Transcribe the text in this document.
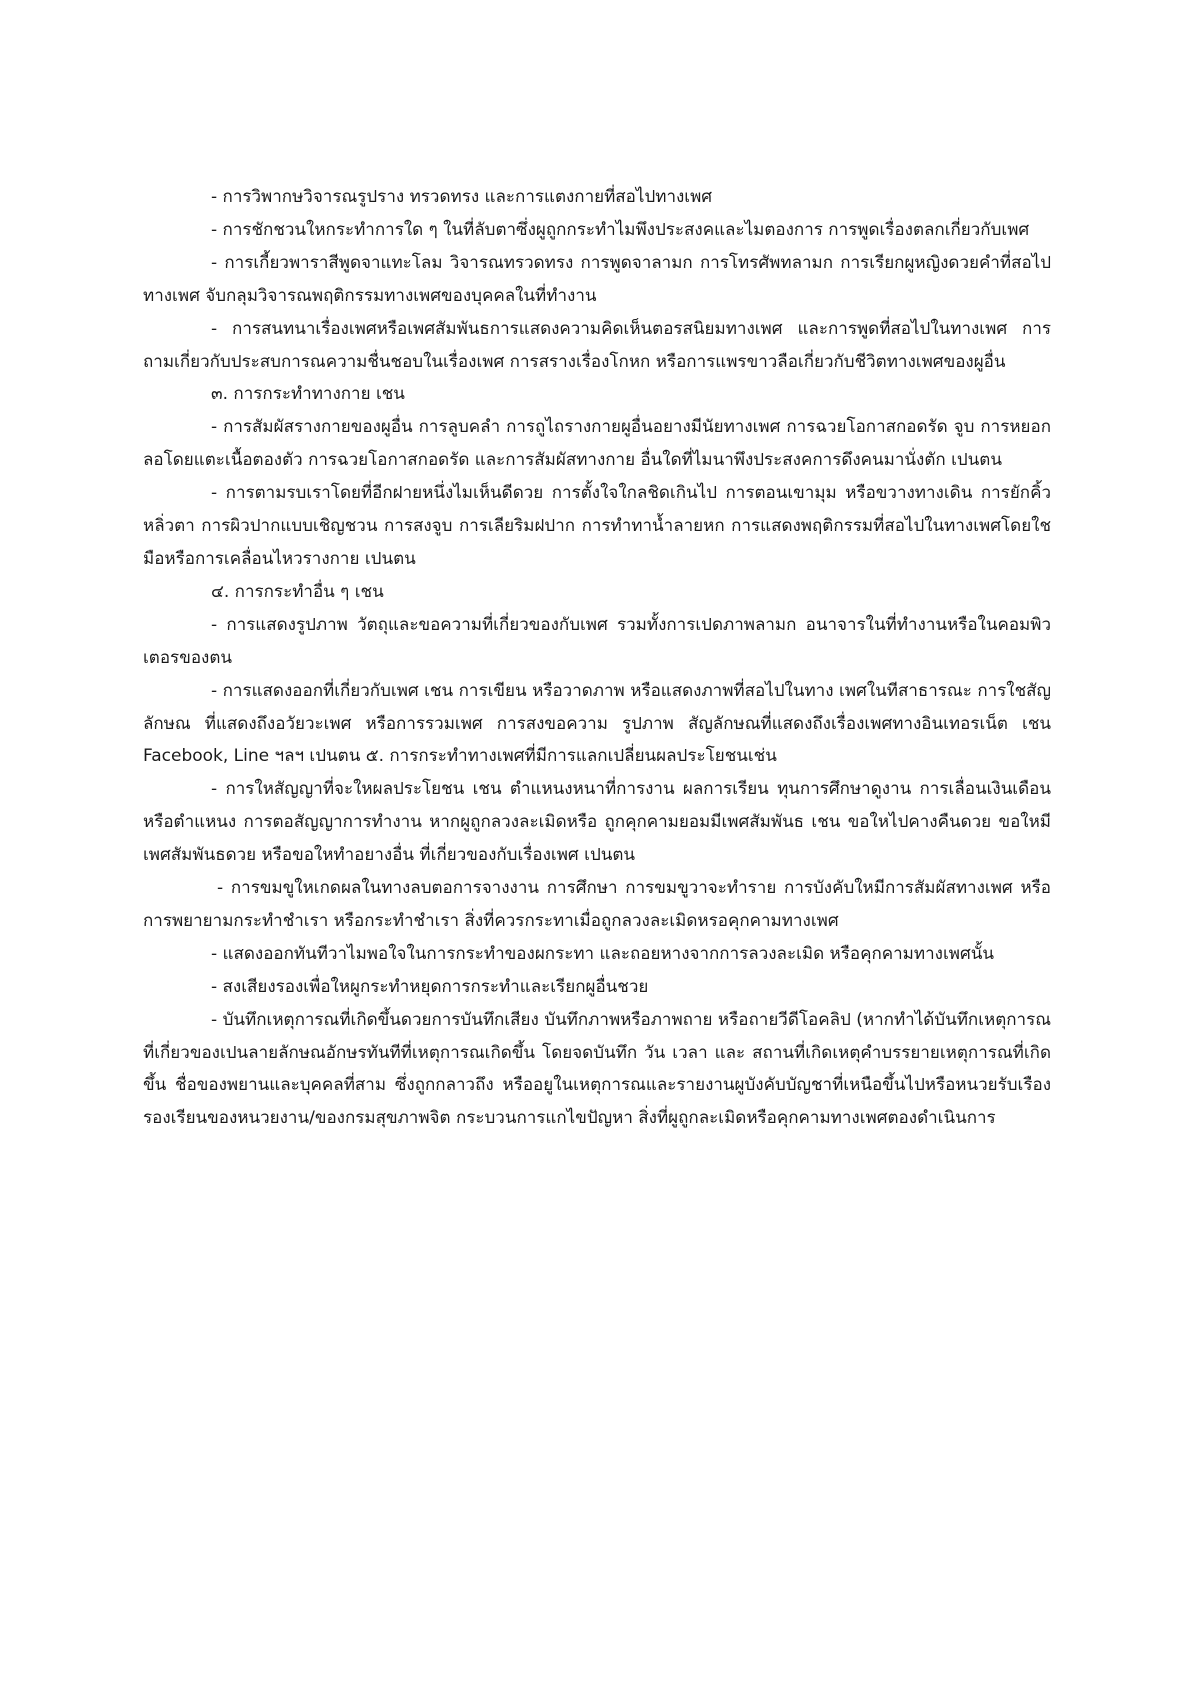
- การวิพากษวิจารณรูปราง ทรวดทรง และการแตงกายที่สอไปทางเพศ

- การชักชวนใหกระทำการใด ๆ ในที่ลับตาซึ่งผูถูกกระทำไมพึงประสงคและไมตองการ การพูดเรื่องตลกเกี่ยวกับเพศ

- การเกี้ยวพาราสีพูดจาแทะโลม วิจารณทรวดทรง การพูดจาลามก การโทรศัพทลามก การเรียกผูหญิงดวยคำที่สอไปทางเพศ จับกลุมวิจารณพฤติกรรมทางเพศของบุคคลในที่ทำงาน

- การสนทนาเรื่องเพศหรือเพศสัมพันธการแสดงความคิดเห็นตอรสนิยมทางเพศ และการพูดที่สอไปในทางเพศ การถามเกี่ยวกับประสบการณความชื่นชอบในเรื่องเพศ การสรางเรื่องโกหก หรือการแพรขาวลือเกี่ยวกับชีวิตทางเพศของผูอื่น

๓. การกระทำทางกาย เชน

- การสัมผัสรางกายของผูอื่น การลูบคลำ การถูไถรางกายผูอื่นอยางมีนัยทางเพศ การฉวยโอกาสกอดรัด จูบ การหยอกลอโดยแตะเนื้อตองตัว การฉวยโอกาสกอดรัด และการสัมผัสทางกาย อื่นใดที่ไมนาพึงประสงคการดึงคนมานั่งตัก เปนตน

- การตามรบเราโดยที่อีกฝายหนึ่งไมเห็นดีดวย การตั้งใจใกลชิดเกินไป การตอนเขามุม หรือขวางทางเดิน การยักคิ้วหลิ่วตา การผิวปากแบบเชิญชวน การสงจูบ การเลียริมฝปาก การทำทาน้ำลายหก การแสดงพฤติกรรมที่สอไปในทางเพศโดยใชมือหรือการเคลื่อนไหวรางกาย เปนตน

๔. การกระทำอื่น ๆ เชน

- การแสดงรูปภาพ วัตถุและขอความที่เกี่ยวของกับเพศ รวมทั้งการเปดภาพลามก อนาจารในที่ทำงานหรือในคอมพิวเตอรของตน

- การแสดงออกที่เกี่ยวกับเพศ เชน การเขียน หรือวาดภาพ หรือแสดงภาพที่สอไปในทาง เพศในทีสาธารณะ การใชสัญลักษณ ที่แสดงถึงอวัยวะเพศ หรือการรวมเพศ การสงขอความ รูปภาพ สัญลักษณที่แสดงถึงเรื่องเพศทางอินเทอรเน็ต เชน Facebook, Line ฯลฯ เปนตน ๕. การกระทำทางเพศที่มีการแลกเปลี่ยนผลประโยชนเช่น

- การใหสัญญาที่จะใหผลประโยชน เชน ตำแหนงหนาที่การงาน ผลการเรียน ทุนการศึกษาดูงาน การเลื่อนเงินเดือนหรือตำแหนง การตอสัญญาการทำงาน หากผูถูกลวงละเมิดหรือ ถูกคุกคามยอมมีเพศสัมพันธ เชน ขอใหไปคางคืนดวย ขอใหมีเพศสัมพันธดวย หรือขอใหทำอยางอื่น ที่เกี่ยวของกับเรื่องเพศ เปนตน

- การขมขูใหเกดผลในทางลบตอการจางงาน การศึกษา การขมขูวาจะทำราย การบังคับใหมีการสัมผัสทางเพศ หรือการพยายามกระทำชำเรา หรือกระทำชำเรา สิ่งที่ควรกระทาเมื่อถูกลวงละเมิดหรอคุกคามทางเพศ

- แสดงออกทันทีวาไมพอใจในการกระทำของผกระทา และถอยหางจากการลวงละเมิด หรือคุกคามทางเพศนั้น

- สงเสียงรองเพื่อใหผูกระทำหยุดการกระทำและเรียกผูอื่นชวย

- บันทึกเหตุการณที่เกิดขึ้นดวยการบันทึกเสียง บันทึกภาพหรือภาพถาย หรือถายวีดีโอคลิป (หากทำได้บันทึกเหตุการณที่เกี่ยวของเปนลายลักษณอักษรทันทีที่เหตุการณเกิดขึ้น โดยจดบันทึก วัน เวลา และ สถานที่เกิดเหตุคำบรรยายเหตุการณที่เกิดขึ้น ชื่อของพยานและบุคคลที่สาม ซึ่งถูกกลาวถึง หรืออยูในเหตุการณและรายงานผูบังคับบัญชาที่เหนือขึ้นไปหรือหนวยรับเรืองรองเรียนของหนวยงาน/ของกรมสุขภาพจิต กระบวนการแกไขปัญหา สิ่งที่ผูถูกละเมิดหรือคุกคามทางเพศตองดำเนินการ
